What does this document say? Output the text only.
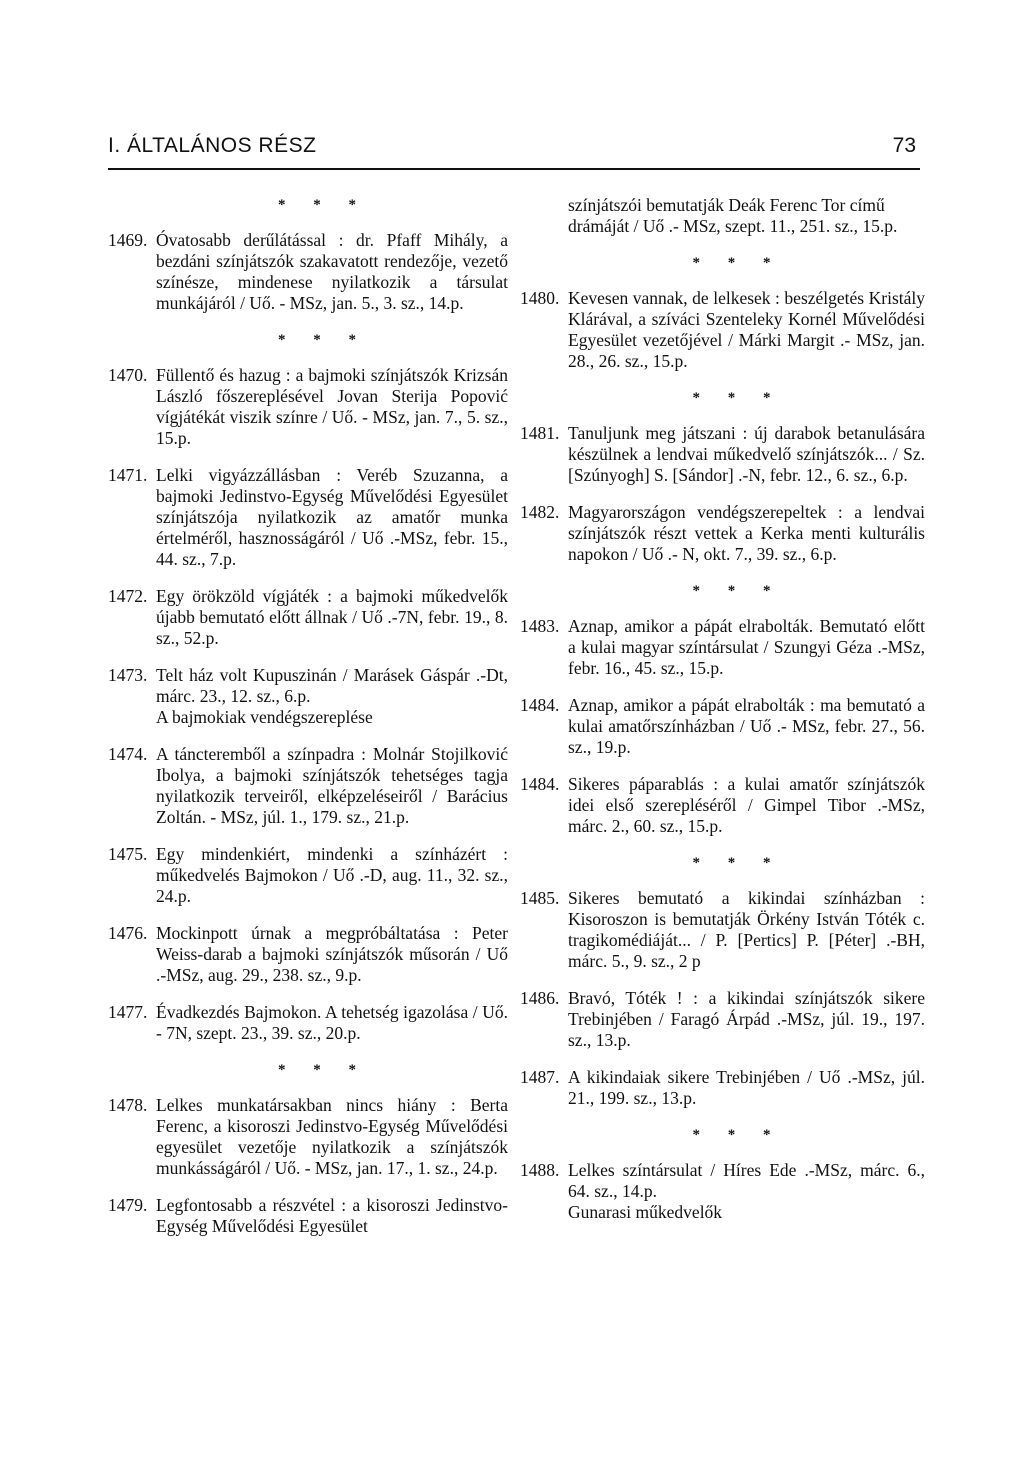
I. ÁLTALÁNOS RÉSZ	73
* * *
1469. Óvatosabb derűlátással : dr. Pfaff Mihály, a bezdáni színjátszók szakavatott rendezője, vezető színésze, mindenese nyilatkozik a társulat munkájáról / Uő. - MSz, jan. 5., 3. sz., 14.p.
* * *
1470. Füllentő és hazug : a bajmoki színjátszók Krizsán László főszereplésével Jovan Sterija Popović vígjátékát viszik színre / Uő. - MSz, jan. 7., 5. sz., 15.p.
1471. Lelki vigyázzállásban : Veréb Szuzanna, a bajmoki Jedinstvo-Egység Művelődési Egyesület színjátszója nyilatkozik az amatőr munka értelméről, hasznosságáról / Uő .-MSz, febr. 15., 44. sz., 7.p.
1472. Egy örökzöld vígjáték : a bajmoki műkedvelők újabb bemutató előtt állnak / Uő .-7N, febr. 19., 8. sz., 52.p.
1473. Telt ház volt Kupuszinán / Marásek Gáspár .-Dt, márc. 23., 12. sz., 6.p.
A bajmokiak vendégszereplése
1474. A táncteremből a színpadra : Molnár Stojilković Ibolya, a bajmoki színjátszók tehetséges tagja nyilatkozik terveiről, elképzeléseiről / Barácius Zoltán. - MSz, júl. 1., 179. sz., 21.p.
1475. Egy mindenkiért, mindenki a színházért : műkedvelés Bajmokon / Uő .-D, aug. 11., 32. sz., 24.p.
1476. Mockinpott úrnak a megpróbáltatása : Peter Weiss-darab a bajmoki színjátszók műsorán / Uő .-MSz, aug. 29., 238. sz., 9.p.
1477. Évadkezdés Bajmokon. A tehetség igazolása / Uő. - 7N, szept. 23., 39. sz., 20.p.
* * *
1478. Lelkes munkatársakban nincs hiány : Berta Ferenc, a kisoroszi Jedinstvo-Egység Művelődési egyesület vezetője nyilatkozik a színjátszók munkásságáról / Uő. - MSz, jan. 17., 1. sz., 24.p.
1479. Legfontosabb a részvétel : a kisoroszi Jedinstvo-Egység Művelődési Egyesület
színjátszói bemutatják Deák Ferenc Tor című drámáját / Uő .- MSz, szept. 11., 251. sz., 15.p.
* * *
1480. Kevesen vannak, de lelkesek : beszélgetés Kristály Klárával, a szíváci Szenteleky Kornél Művelődési Egyesület vezetőjével / Márki Margit .- MSz, jan. 28., 26. sz., 15.p.
* * *
1481. Tanuljunk meg játszani : új darabok betanulására készülnek a lendvai műkedvelő színjátszók... / Sz. [Szúnyogh] S. [Sándor] .-N, febr. 12., 6. sz., 6.p.
1482. Magyarországon vendégszerepeltek : a lendvai színjátszók részt vettek a Kerka menti kulturális napokon / Uő .- N, okt. 7., 39. sz., 6.p.
* * *
1483. Aznap, amikor a pápát elrabolták. Bemutató előtt a kulai magyar színtársulat / Szungyi Géza .-MSz, febr. 16., 45. sz., 15.p.
1484. Aznap, amikor a pápát elrabolták : ma bemutató a kulai amatőrszínházban / Uő .- MSz, febr. 27., 56. sz., 19.p.
1484. Sikeres páparablás : a kulai amatőr színjátszók idei első szerepléséről / Gimpel Tibor .-MSz, márc. 2., 60. sz., 15.p.
* * *
1485. Sikeres bemutató a kikindai színházban : Kisoroszon is bemutatják Örkény István Tóték c. tragikomédiáját... / P. [Pertics] P. [Péter] .-BH, márc. 5., 9. sz., 2 p
1486. Bravó, Tóték ! : a kikindai színjátszók sikere Trebinjében / Faragó Árpád .-MSz, júl. 19., 197. sz., 13.p.
1487. A kikindaiak sikere Trebinjében / Uő .-MSz, júl. 21., 199. sz., 13.p.
* * *
1488. Lelkes színtársulat / Híres Ede .-MSz, márc. 6., 64. sz., 14.p.
Gunarasi műkedvelők
